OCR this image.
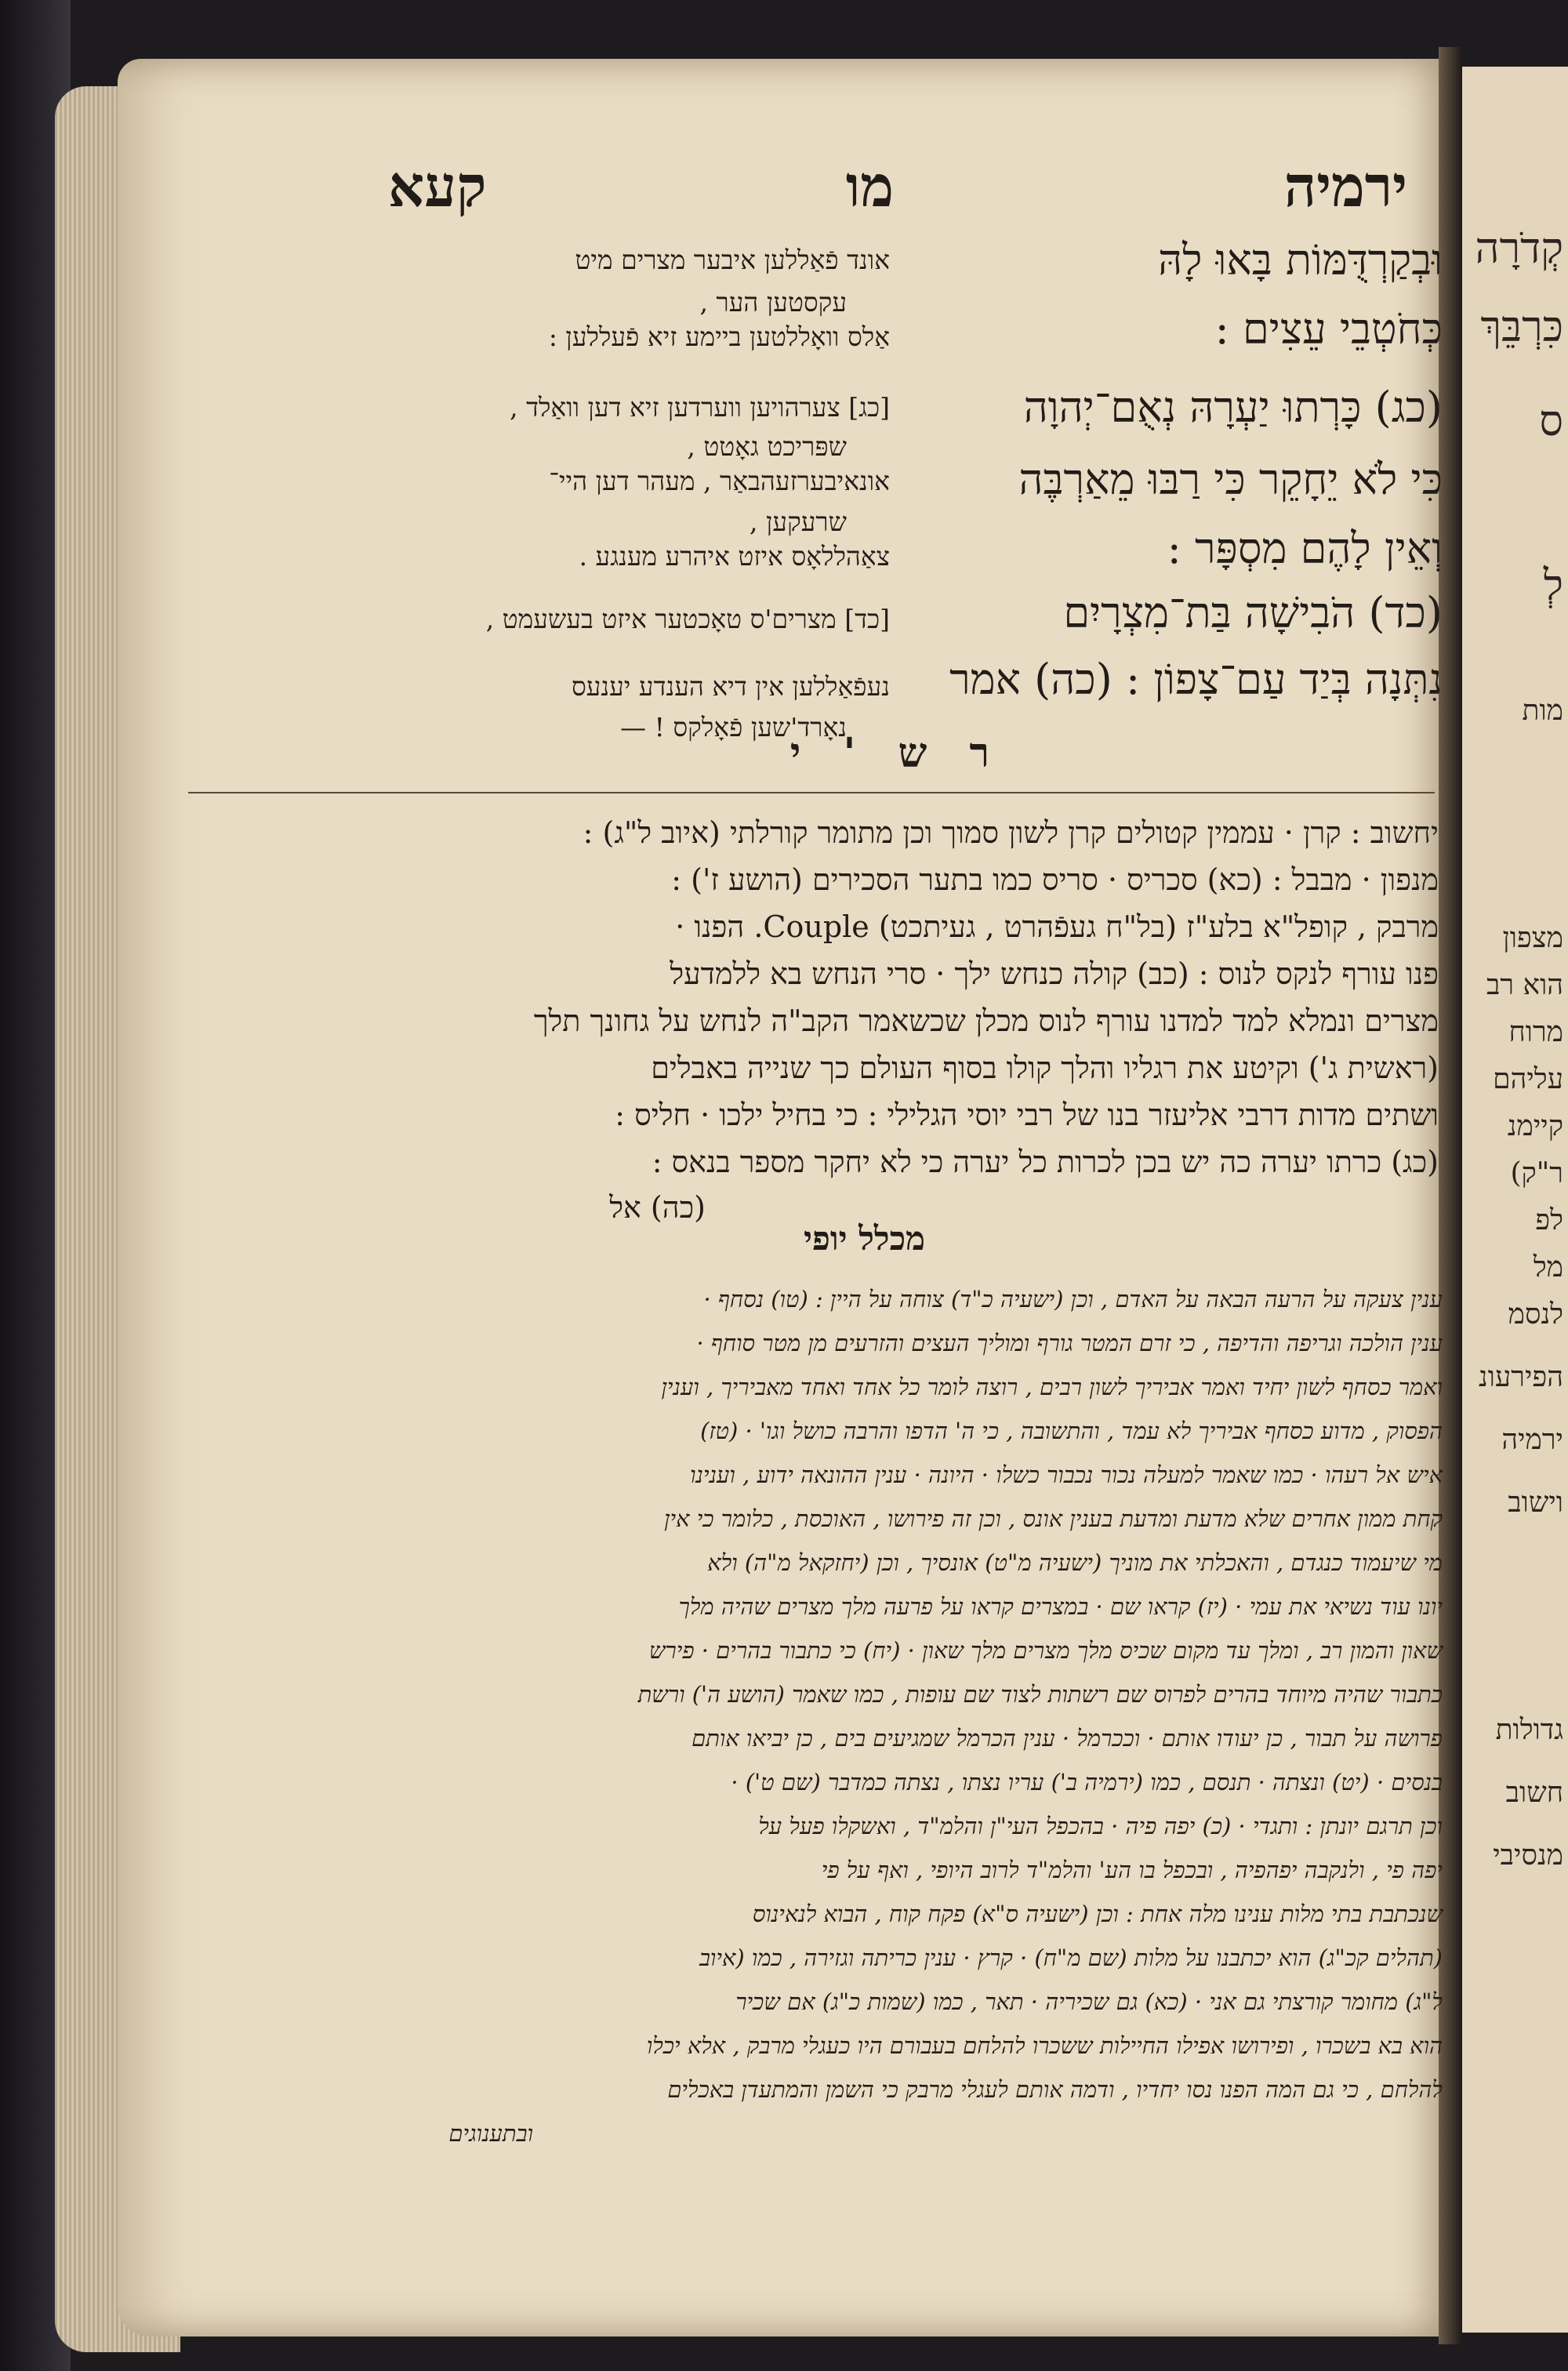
קְדֹרָה
כִּרְבֵּךְ
ס
לְ
מות
מצפון
הוא רב
מרוח
עליהם
קיימנ
ר"ק)
לפ
מל
לנסמ
הפירעונ
ירמיה
וישוב
גדולות
חשוב
מנסיבי
ירמיה
מו
קעא
וּבְקַרְדֻּמּוֹת בָּאוּ לָהּ
כְּחֹטְבֵי עֵצִים :
(כג) כָּרְתוּ יַעְרָהּ נְאֻם־יְהוָה
כִּי לֹא יֵחָקֵר כִּי רַבּוּ מֵאַרְבֶּה
וְאֵין לָהֶם מִסְפָּר :
(כד) הֹבִישָׁה בַּת־מִצְרָיִם
נִתְּנָה בְּיַד עַם־צָפוֹן : (כה) אמר
אונד פֿאַללען איבער מצרים מיט
עקסטען הער ,
אַלס וואָללטען ביימע זיא פֿעללען :
[כג] צערהויען ווערדען זיא דען וואַלד ,
שפּריכט גאָטט ,
אונאיבערזעהבאַר , מעהר דען היי־
שרעקען ,
צאַהללאָס איזט איהרע מענגע .
[כד] מצרים'ס טאָכטער איזט בעשעמט ,
נעפֿאַללען אין דיא הענדע יענעס
נאָרד'שען פֿאָלקס ! —
ר ש ' י
יחשוב : קרן · עממין קטולים קרן לשון סמוך וכן מתומר קורלתי (איוב ל"ג) :
מנפון · מבבל : (כא) סכריס · סריס כמו בתער הסכירים (הושע ז') :
מרבק , קופל"א בלע"ז (בל"ח געפֿהרט , געיתכט) Couple. הפנו ·
פנו עורף לנקס לנוס : (כב) קולה כנחש ילך · סרי הנחש בא ללמדעל
מצרים ונמלא למד למדנו עורף לנוס מכלן שכשאמר הקב"ה לנחש על גחונך תלך
(ראשית ג') וקיטע את רגליו והלך קולו בסוף העולם כך שנייה באבלים
ושתים מדות דרבי אליעזר בנו של רבי יוסי הגלילי : כי בחיל ילכו · חליס :
(כג) כרתו יערה כה יש בכן לכרות כל יערה כי לא יחקר מספר בנאס :
(כה) אל
מכלל יופי
ענין צעקה על הרעה הבאה על האדם , וכן (ישעיה כ"ד) צוחה על היין : (טו) נסחף ·
ענין הולכה וגריפה והדיפה , כי זרם המטר גורף ומוליך העצים והזרעים מן מטר סוחף ·
ואמר כסחף לשון יחיד ואמר אביריך לשון רבים , רוצה לומר כל אחד ואחד מאביריך , וענין
הפסוק , מדוע כסחף אביריך לא עמד , והתשובה , כי ה' הדפו והרבה כושל וגו' · (טז)
איש אל רעהו · כמו שאמר למעלה נכור נכבור כשלו · היונה · ענין ההונאה ידוע , וענינו
קחת ממון אחרים שלא מדעת ומדעת בענין אונס , וכן זה פירושו , האוכסת , כלומר כי אין
מי שיעמוד כנגדם , והאכלתי את מוניך (ישעיה מ"ט) אונסיך , וכן (יחזקאל מ"ה) ולא
יונו עוד נשיאי את עמי · (יז) קראו שם · במצרים קראו על פרעה מלך מצרים שהיה מלך
שאון והמון רב , ומלך עד מקום שכיס מלך מצרים מלך שאון · (יח) כי כתבור בהרים · פירש
כתבור שהיה מיוחד בהרים לפרוס שם רשתות לצוד שם עופות , כמו שאמר (הושע ה') ורשת
פרושה על תבור , כן יעודו אותם · וככרמל · ענין הכרמל שמגיעים בים , כן יביאו אותם
בנסים · (יט) ונצתה · תנסם , כמו (ירמיה ב') עריו נצתו , נצתה כמדבר (שם ט') ·
וכן תרגם יונתן : ותגדי · (כ) יפה פיה · בהכפל העי"ן והלמ"ד , ואשקלו פעל על
יפה פי , ולנקבה יפהפיה , ובכפל בו הע' והלמ"ד לרוב היופי , ואף על פי
שנכתבת בתי מלות ענינו מלה אחת : וכן (ישעיה ס"א) פקח קוח , הבוא לנאינוס
(תהלים קכ"ג) הוא יכתבנו על מלות (שם מ"ח) · קרץ · ענין כריתה וגזירה , כמו (איוב
ל"ג) מחומר קורצתי גם אני · (כא) גם שכיריה · תאר , כמו (שמות כ"ג) אם שכיר
הוא בא בשכרו , ופירושו אפילו החיילות ששכרו להלחם בעבורם היו כעגלי מרבק , אלא יכלו
להלחם , כי גם המה הפנו נסו יחדיו , ודמה אותם לעגלי מרבק כי השמן והמתעדן באכלים
ובתענוגים
